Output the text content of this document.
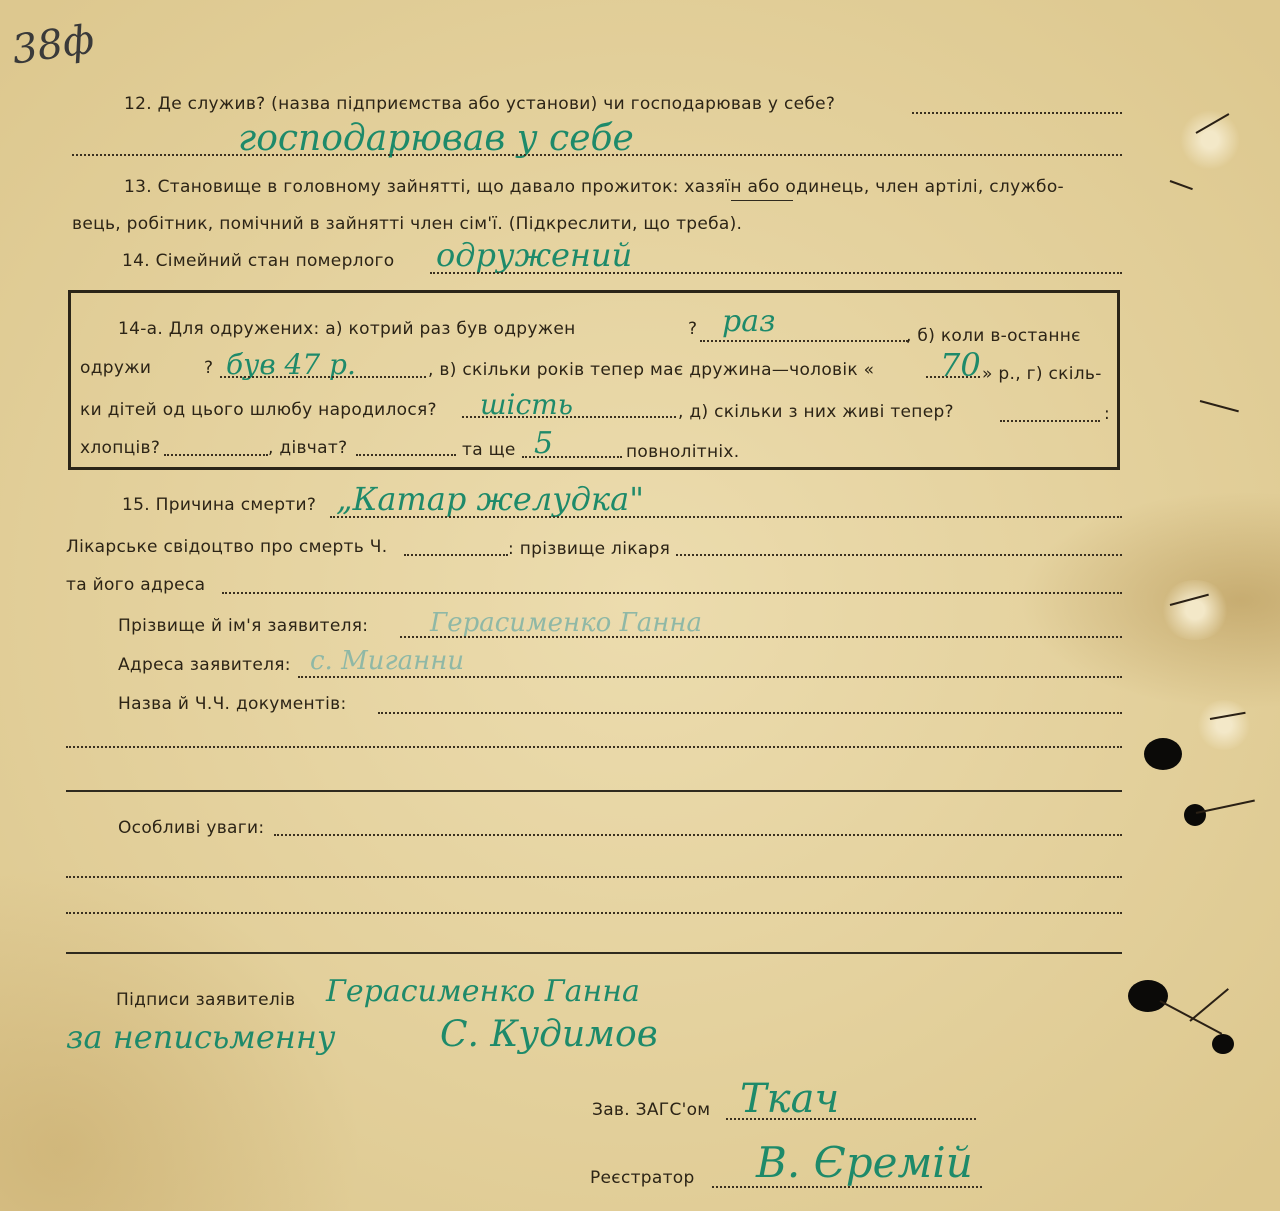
38ф
12. Де служив? (назва підприємства або установи) чи господарював у себе?
господарював у себе
13. Становище в головному зайнятті, що давало прожиток: хазяїн або одинець, член артілі, службо-
вець, робітник, помічний в зайнятті член сім'ї. (Підкреслити, що треба).
14. Сімейний стан померлого одружений
14-а. Для одружених: а) котрий раз був одружен	? раз	, б) коли в-останнє
одружи	? був 47 р.	, в) скільки років тепер має дружина—чоловік « 70 » р., г) скіль-
ки дітей од цього шлюбу народилося? шість	, д) скільки з них живі тепер?	:
хлопців?	, дівчат?	та ще 5	повнолітніх.
15. Причина смерти? „Катар желудка"
Лікарське свідоцтво про смерть Ч.	: прізвище лікаря
та його адреса
Прізвище й ім'я заявителя: Герасименко Ганна
Адреса заявителя: с. Миганни
Назва й Ч.Ч. документів:
Особливі уваги:
Підписи заявителів Герасименко Ганна
за неписьменну	С. Кудимов
Зав. ЗАГС'ом Ткач
Реєстратор В. Єремій
